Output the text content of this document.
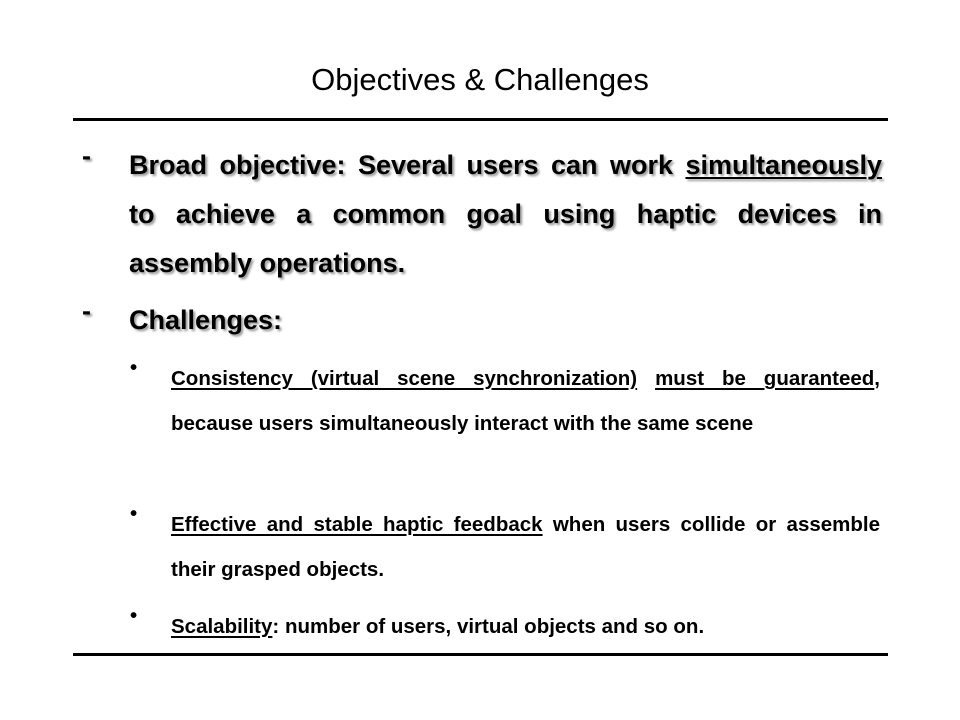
Objectives & Challenges
- Broad objective: Several users can work simultaneously to achieve a common goal using haptic devices in assembly operations.
- Challenges:
• Consistency (virtual scene synchronization) must be guaranteed, because users simultaneously interact with the same scene
• Effective and stable haptic feedback when users collide or assemble their grasped objects.
• Scalability: number of users, virtual objects and so on.
